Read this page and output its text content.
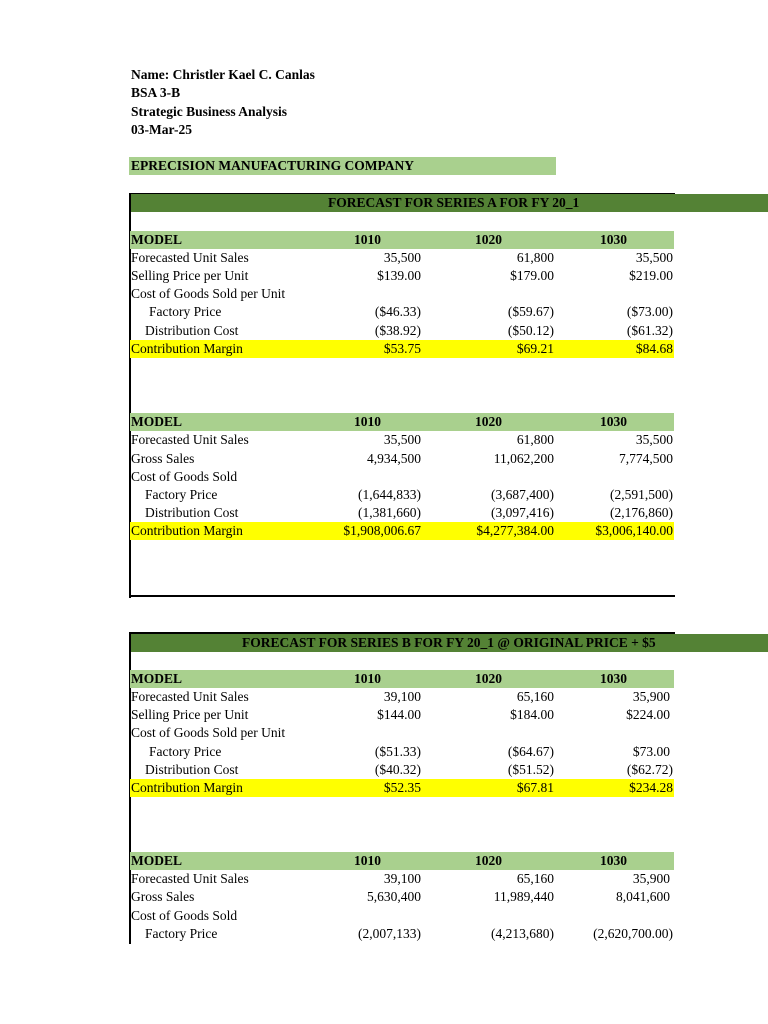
Name: Christler Kael C. Canlas
BSA 3-B
Strategic Business Analysis
03-Mar-25
EPRECISION MANUFACTURING COMPANY
FORECAST FOR SERIES A FOR FY 20_1
MODEL	1010	1020	1030
Forecasted Unit Sales	35,500	61,800	35,500
Selling Price per Unit	$139.00	$179.00	$219.00
Cost of Goods Sold per Unit
Factory Price	($46.33)	($59.67)	($73.00)
Distribution Cost	($38.92)	($50.12)	($61.32)
Contribution Margin	$53.75	$69.21	$84.68
MODEL	1010	1020	1030
Forecasted Unit Sales	35,500	61,800	35,500
Gross Sales	4,934,500	11,062,200	7,774,500
Cost of Goods Sold
Factory Price	(1,644,833)	(3,687,400)	(2,591,500)
Distribution Cost	(1,381,660)	(3,097,416)	(2,176,860)
Contribution Margin	$1,908,006.67	$4,277,384.00	$3,006,140.00
FORECAST FOR SERIES B FOR FY 20_1 @ ORIGINAL PRICE + $5
MODEL	1010	1020	1030
Forecasted Unit Sales	39,100	65,160	35,900
Selling Price per Unit	$144.00	$184.00	$224.00
Cost of Goods Sold per Unit
Factory Price	($51.33)	($64.67)	$73.00
Distribution Cost	($40.32)	($51.52)	($62.72)
Contribution Margin	$52.35	$67.81	$234.28
MODEL	1010	1020	1030
Forecasted Unit Sales	39,100	65,160	35,900
Gross Sales	5,630,400	11,989,440	8,041,600
Cost of Goods Sold
Factory Price	(2,007,133)	(4,213,680)	(2,620,700.00)
